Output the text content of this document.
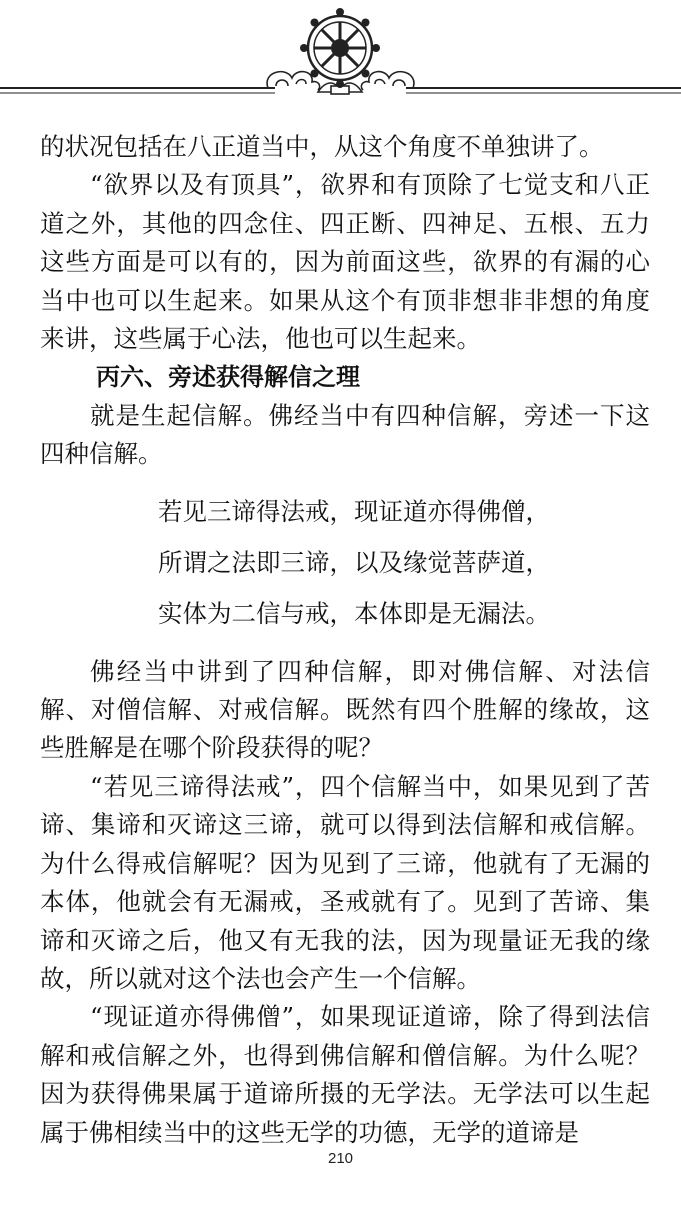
的状况包括在八正道当中，从这个角度不单独讲了。

“欲界以及有顶具”，欲界和有顶除了七觉支和八正道之外，其他的四念住、四正断、四神足、五根、五力这些方面是可以有的，因为前面这些，欲界的有漏的心当中也可以生起来。如果从这个有顶非想非非想的角度来讲，这些属于心法，他也可以生起来。

丙六、旁述获得解信之理

就是生起信解。佛经当中有四种信解，旁述一下这四种信解。

若见三谛得法戒，现证道亦得佛僧，
所谓之法即三谛，以及缘觉菩萨道，
实体为二信与戒，本体即是无漏法。

佛经当中讲到了四种信解，即对佛信解、对法信解、对僧信解、对戒信解。既然有四个胜解的缘故，这些胜解是在哪个阶段获得的呢？

“若见三谛得法戒”，四个信解当中，如果见到了苦谛、集谛和灭谛这三谛，就可以得到法信解和戒信解。为什么得戒信解呢？因为见到了三谛，他就有了无漏的本体，他就会有无漏戒，圣戒就有了。见到了苦谛、集谛和灭谛之后，他又有无我的法，因为现量证无我的缘故，所以就对这个法也会产生一个信解。

“现证道亦得佛僧”，如果现证道谛，除了得到法信解和戒信解之外，也得到佛信解和僧信解。为什么呢？因为获得佛果属于道谛所摄的无学法。无学法可以生起属于佛相续当中的这些无学的功德，无学的道谛是

210
